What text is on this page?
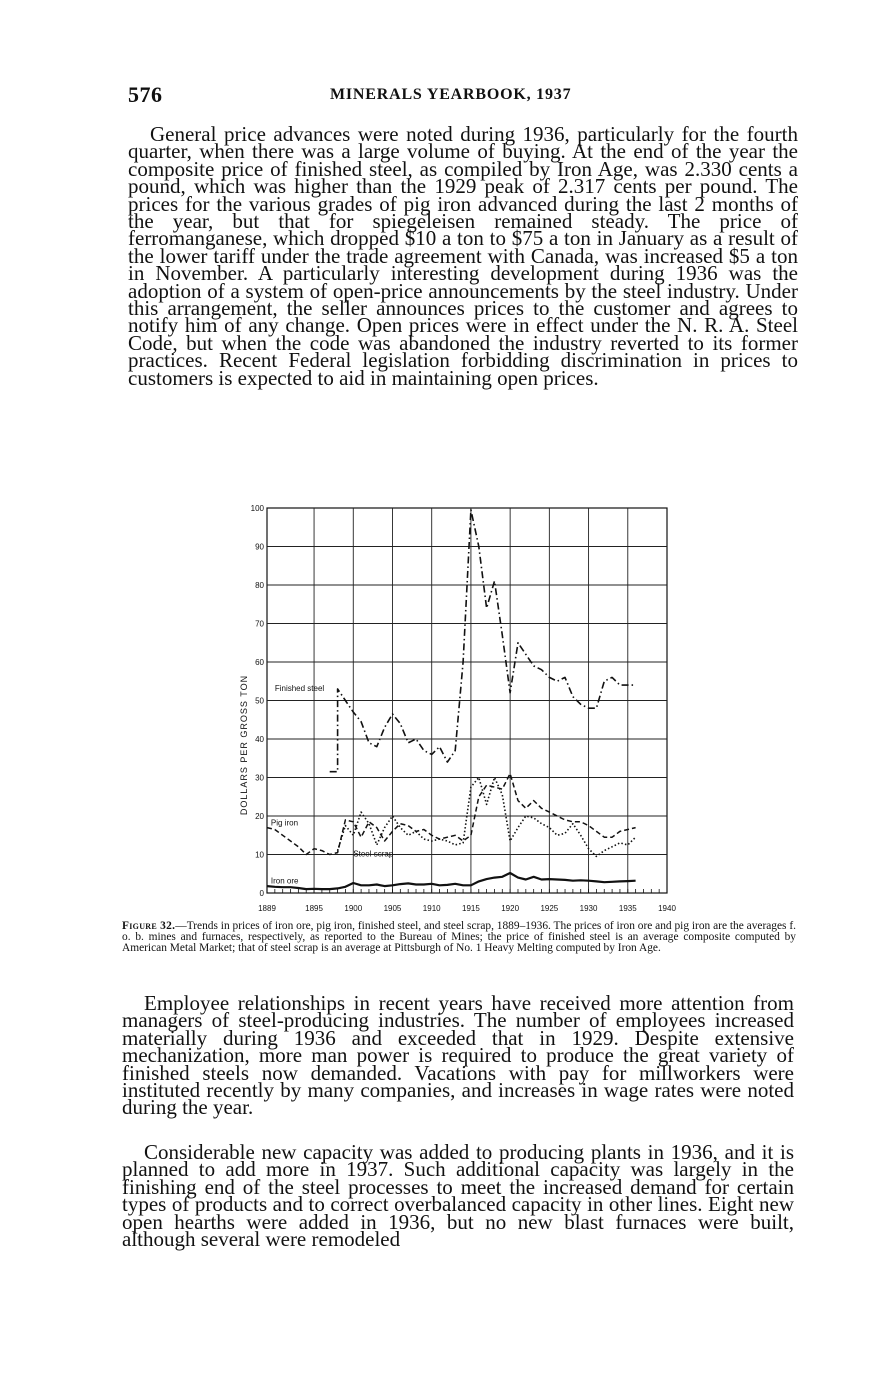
576	MINERALS YEARBOOK, 1937

General price advances were noted during 1936, particularly for the fourth quarter, when there was a large volume of buying. At the end of the year the composite price of finished steel, as compiled by Iron Age, was 2.330 cents a pound, which was higher than the 1929 peak of 2.317 cents per pound. The prices for the various grades of pig iron advanced during the last 2 months of the year, but that for spiegeleisen remained steady. The price of ferromanganese, which dropped $10 a ton to $75 a ton in January as a result of the lower tariff under the trade agreement with Canada, was increased $5 a ton in November. A particularly interesting development during 1936 was the adoption of a system of open-price announcements by the steel industry. Under this arrangement, the seller announces prices to the customer and agrees to notify him of any change. Open prices were in effect under the N. R. A. Steel Code, but when the code was abandoned the industry reverted to its former practices. Recent Federal legislation forbidding discrimination in prices to customers is expected to aid in maintaining open prices.

0
10
20
30
40
50
60
70
80
90
100
1889	1895	1900	1905	1910	1915	1920	1925	1930	1935	1940
Finished steel
Pig iron
Steel scrap
Iron ore
DOLLARS PER GROSS TON

Figure 32.—Trends in prices of iron ore, pig iron, finished steel, and steel scrap, 1889–1936. The prices of iron ore and pig iron are the averages f. o. b. mines and furnaces, respectively, as reported to the Bureau of Mines; the price of finished steel is an average composite computed by American Metal Market; that of steel scrap is an average at Pittsburgh of No. 1 Heavy Melting computed by Iron Age.

Employee relationships in recent years have received more attention from managers of steel-producing industries. The number of employees increased materially during 1936 and exceeded that in 1929. Despite extensive mechanization, more man power is required to produce the great variety of finished steels now demanded. Vacations with pay for millworkers were instituted recently by many companies, and increases in wage rates were noted during the year.

Considerable new capacity was added to producing plants in 1936, and it is planned to add more in 1937. Such additional capacity was largely in the finishing end of the steel processes to meet the increased demand for certain types of products and to correct overbalanced capacity in other lines. Eight new open hearths were added in 1936, but no new blast furnaces were built, although several were remodeled
